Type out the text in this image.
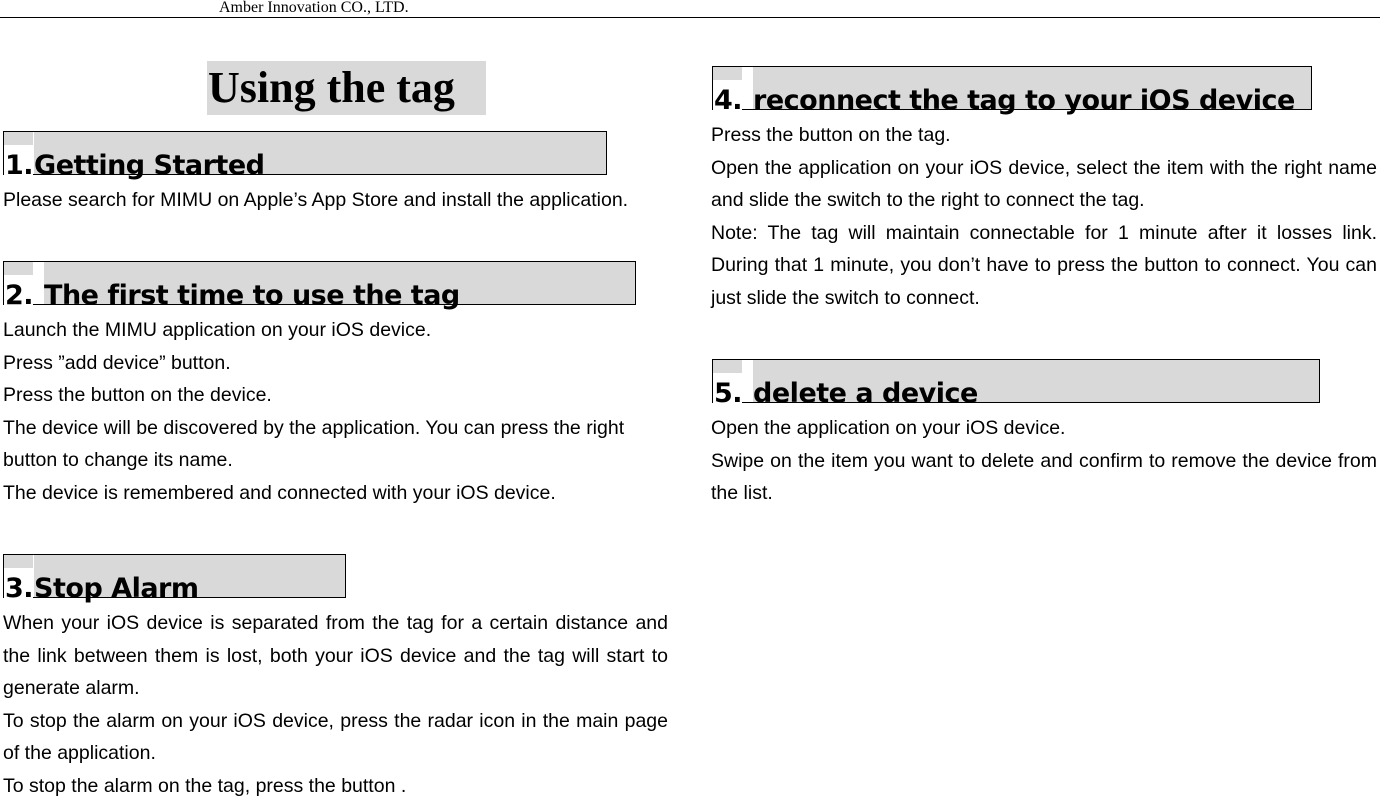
Amber Innovation CO., LTD.
Using the tag
1.Getting Started

Please search for MIMU on Apple’s App Store and install the application.

2. The first time to use the tag

Launch the MIMU application on your iOS device.

Press ”add device” button.

Press the button on the device.

The device will be discovered by the application. You can press the right button to change its name.

The device is remembered and connected with your iOS device.

3.Stop Alarm

When your iOS device is separated from the tag for a certain distance and the link between them is lost, both your iOS device and the tag will start to generate alarm.

To stop the alarm on your iOS device, press the radar icon in the main page of the application.

To stop the alarm on the tag, press the button .

4. reconnect the tag to your iOS device

Press the button on the tag.

Open the application on your iOS device, select the item with the right name and slide the switch to the right to connect the tag.

Note: The tag will maintain connectable for 1 minute after it losses link. During that 1 minute, you don’t have to press the button to connect. You can just slide the switch to connect.

5. delete a device

Open the application on your iOS device.

Swipe on the item you want to delete and confirm to remove the device from the list.
